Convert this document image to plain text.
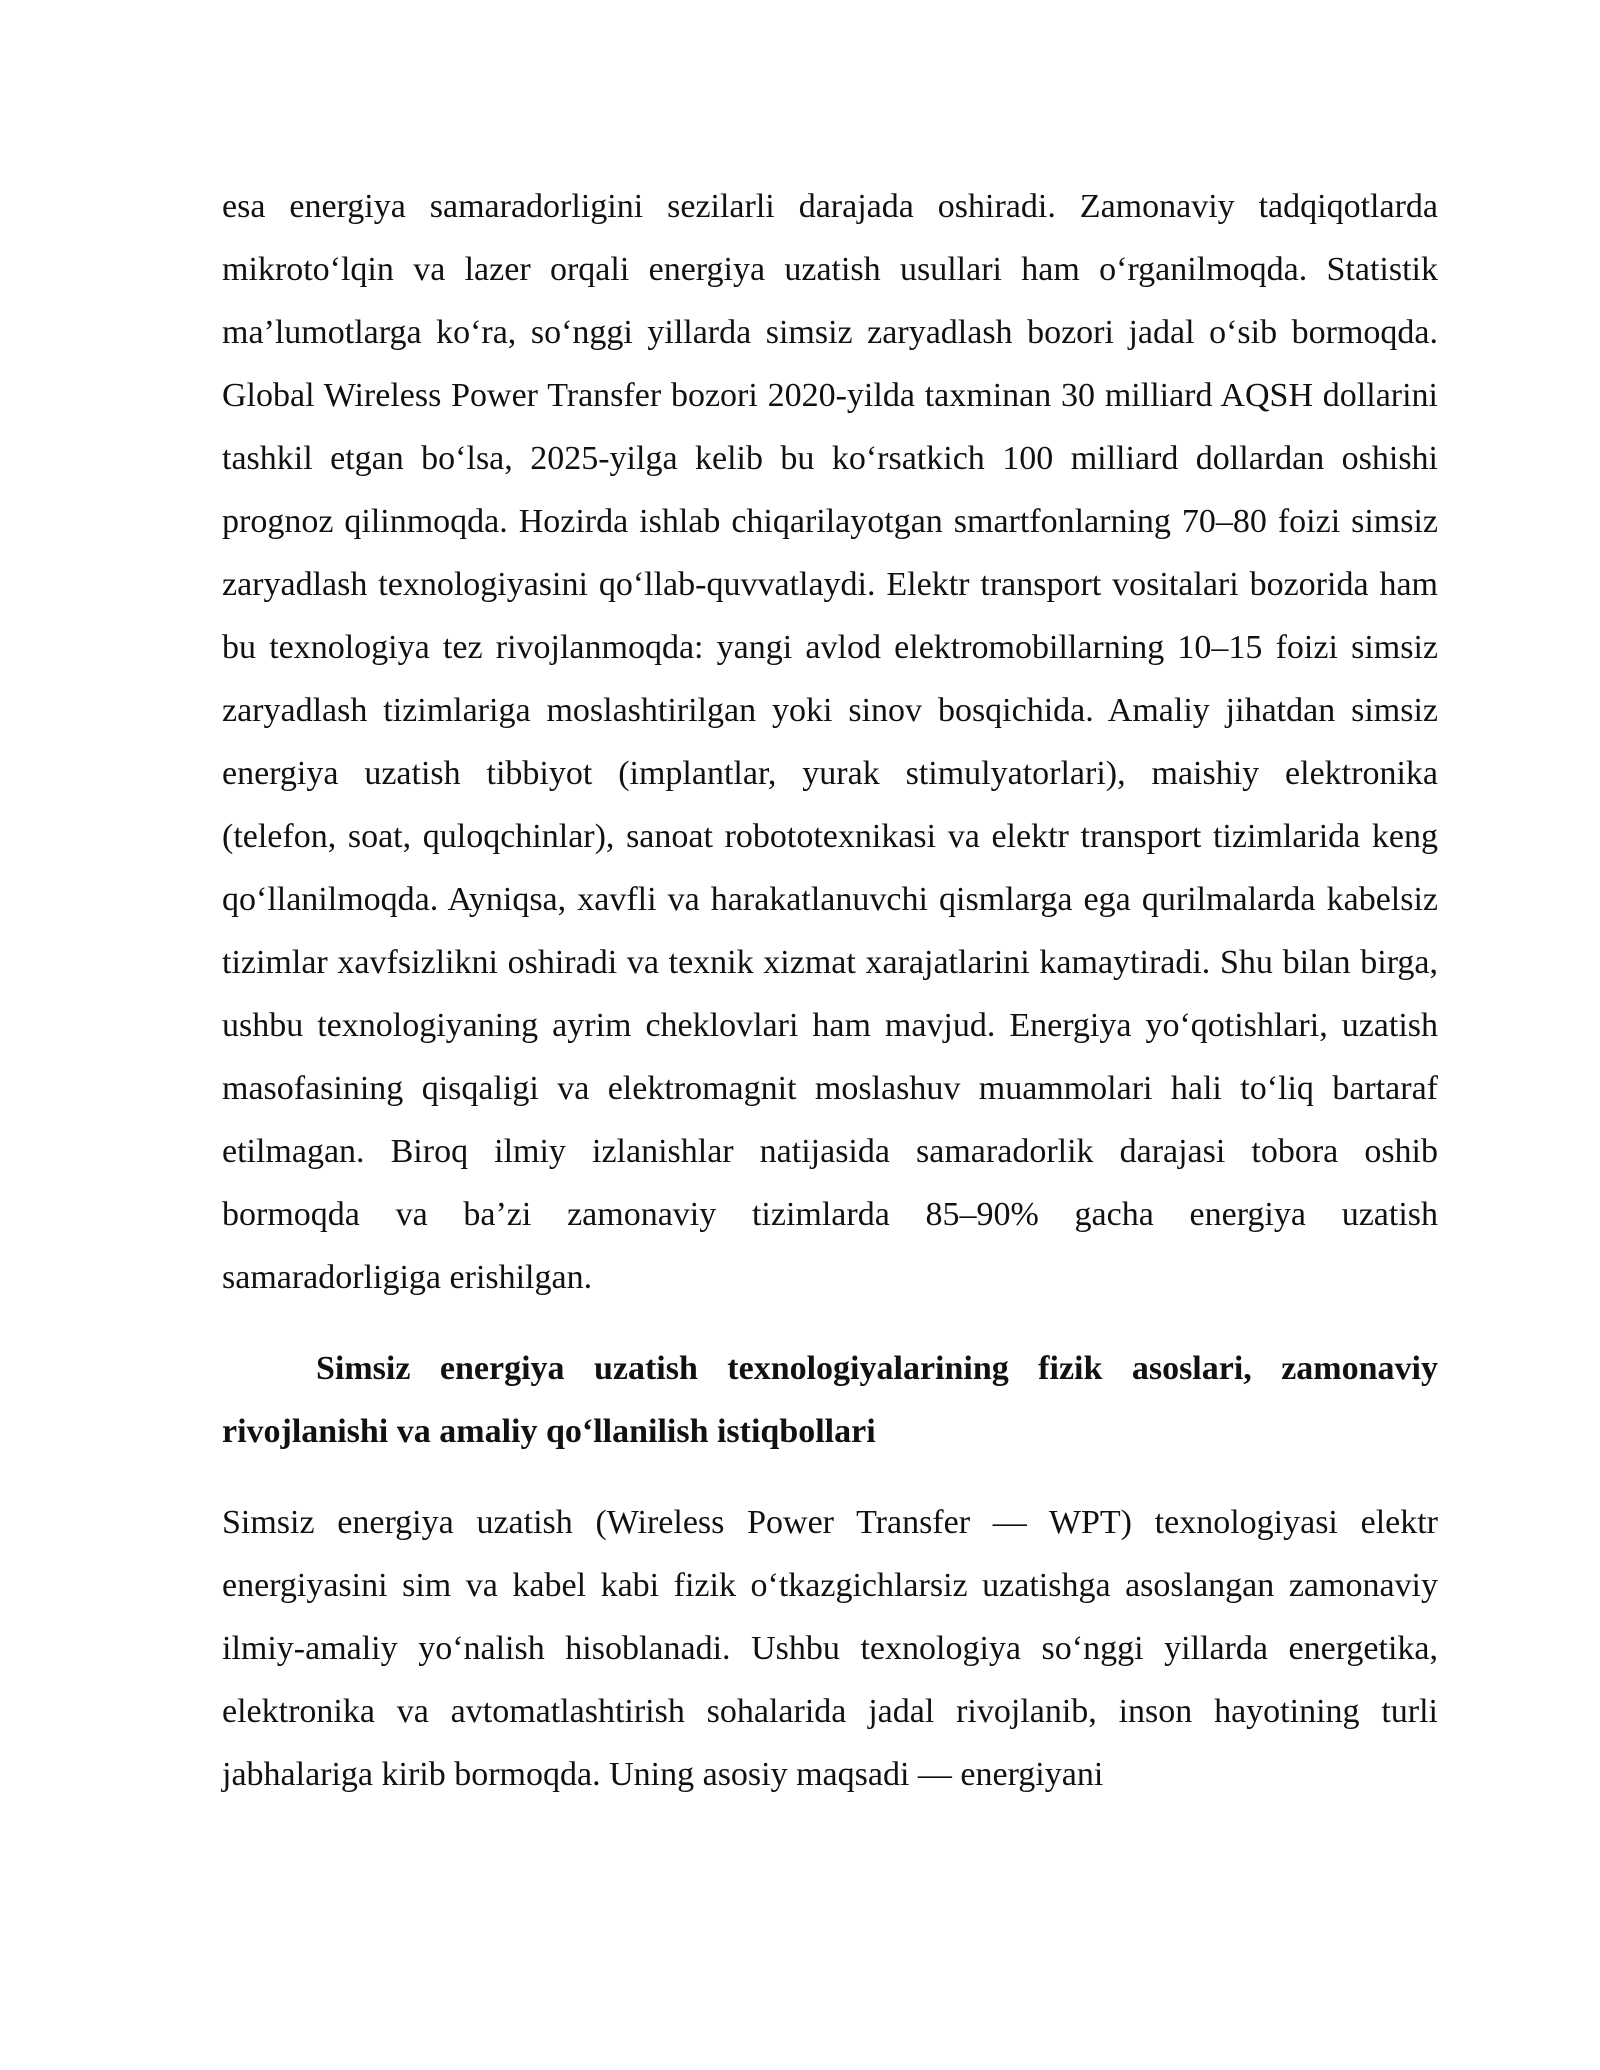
esa energiya samaradorligini sezilarli darajada oshiradi. Zamonaviy tadqiqotlarda mikroto‘lqin va lazer orqali energiya uzatish usullari ham o‘rganilmoqda. Statistik ma’lumotlarga ko‘ra, so‘nggi yillarda simsiz zaryadlash bozori jadal o‘sib bormoqda. Global Wireless Power Transfer bozori 2020-yilda taxminan 30 milliard AQSH dollarini tashkil etgan bo‘lsa, 2025-yilga kelib bu ko‘rsatkich 100 milliard dollardan oshishi prognoz qilinmoqda. Hozirda ishlab chiqarilayotgan smartfonlarning 70–80 foizi simsiz zaryadlash texnologiyasini qo‘llab-quvvatlaydi. Elektr transport vositalari bozorida ham bu texnologiya tez rivojlanmoqda: yangi avlod elektromobillarning 10–15 foizi simsiz zaryadlash tizimlariga moslashtirilgan yoki sinov bosqichida. Amaliy jihatdan simsiz energiya uzatish tibbiyot (implantlar, yurak stimulyatorlari), maishiy elektronika (telefon, soat, quloqchinlar), sanoat robototexnikasi va elektr transport tizimlarida keng qo‘llanilmoqda. Ayniqsa, xavfli va harakatlanuvchi qismlarga ega qurilmalarda kabelsiz tizimlar xavfsizlikni oshiradi va texnik xizmat xarajatlarini kamaytiradi. Shu bilan birga, ushbu texnologiyaning ayrim cheklovlari ham mavjud. Energiya yo‘qotishlari, uzatish masofasining qisqaligi va elektromagnit moslashuv muammolari hali to‘liq bartaraf etilmagan. Biroq ilmiy izlanishlar natijasida samaradorlik darajasi tobora oshib bormoqda va ba’zi zamonaviy tizimlarda 85–90% gacha energiya uzatish samaradorligiga erishilgan.

Simsiz energiya uzatish texnologiyalarining fizik asoslari, zamonaviy rivojlanishi va amaliy qo‘llanilish istiqbollari

Simsiz energiya uzatish (Wireless Power Transfer — WPT) texnologiyasi elektr energiyasini sim va kabel kabi fizik o‘tkazgichlarsiz uzatishga asoslangan zamonaviy ilmiy-amaliy yo‘nalish hisoblanadi. Ushbu texnologiya so‘nggi yillarda energetika, elektronika va avtomatlashtirish sohalarida jadal rivojlanib, inson hayotining turli jabhalariga kirib bormoqda. Uning asosiy maqsadi — energiyani
